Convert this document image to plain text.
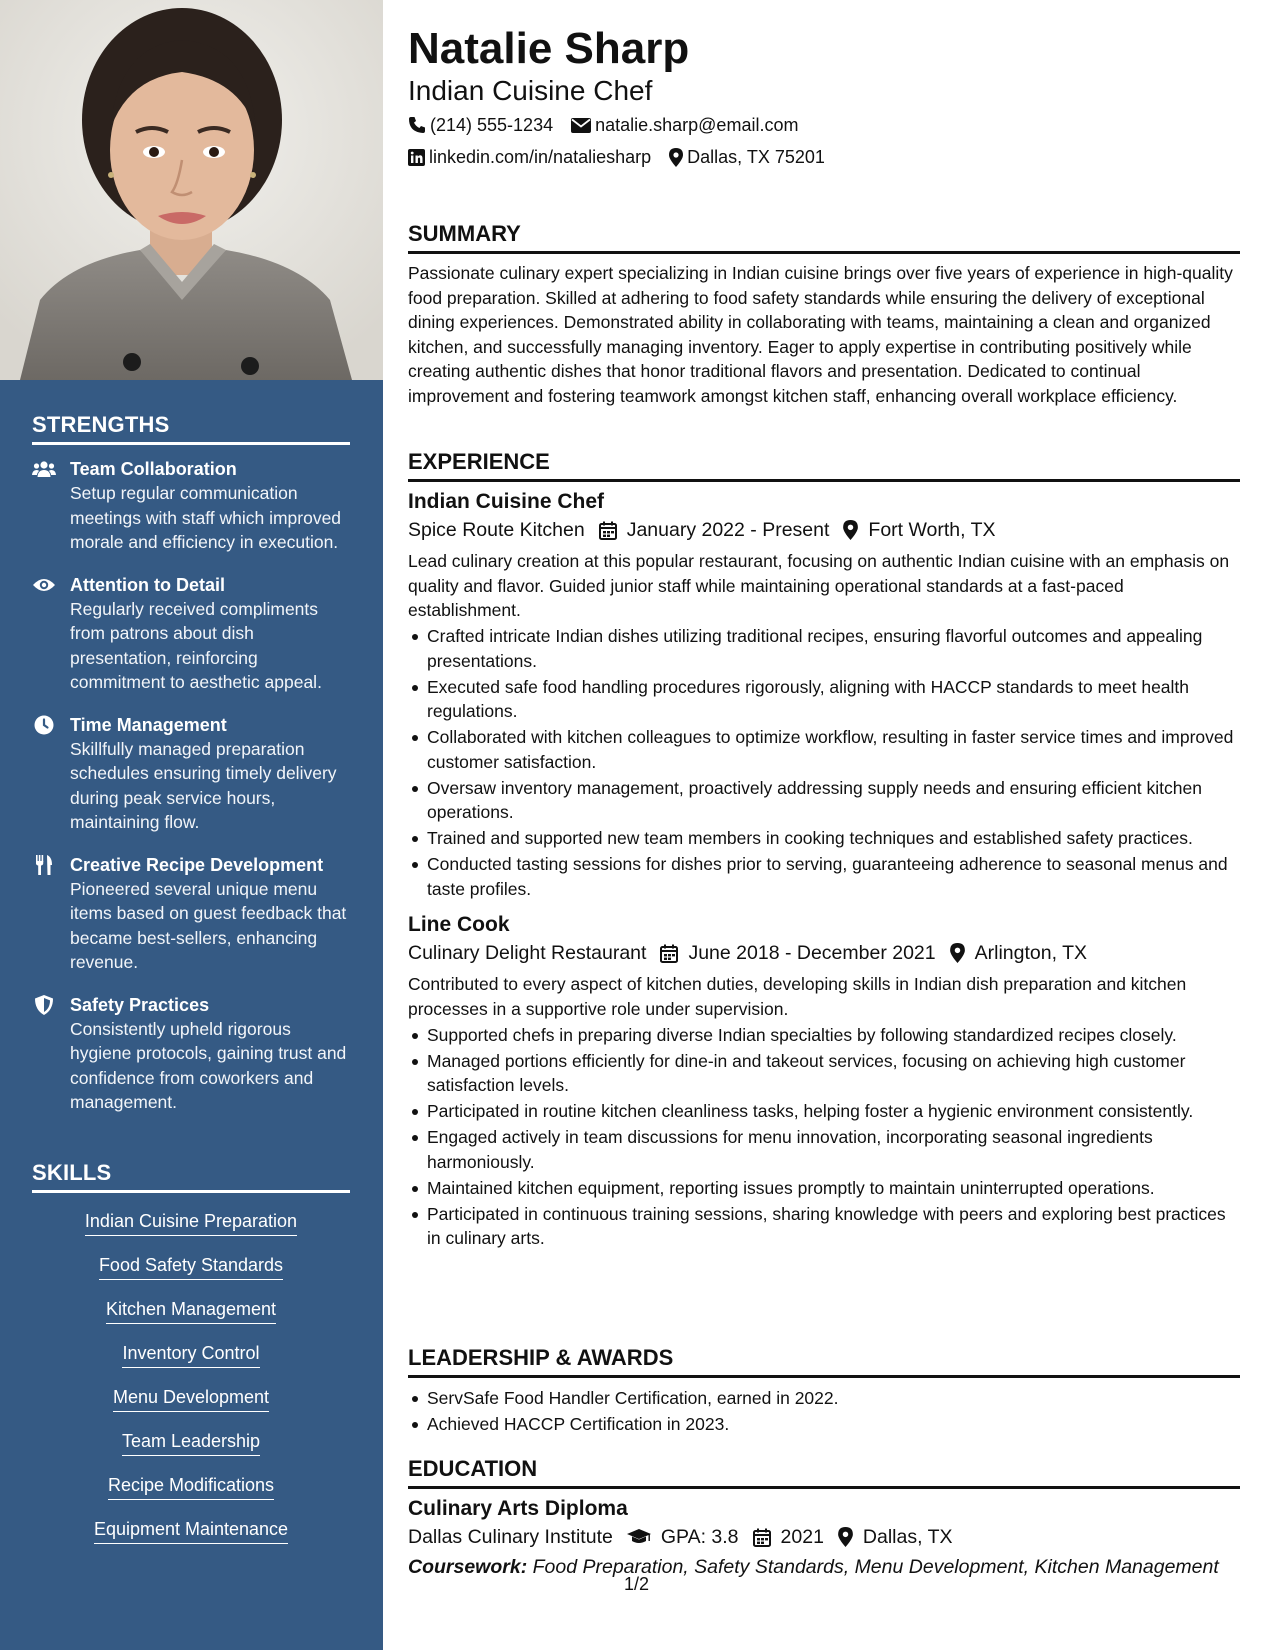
STRENGTHS
Team Collaboration
Setup regular communication meetings with staff which improved morale and efficiency in execution.
Attention to Detail
Regularly received compliments from patrons about dish presentation, reinforcing commitment to aesthetic appeal.
Time Management
Skillfully managed preparation schedules ensuring timely delivery during peak service hours, maintaining flow.
Creative Recipe Development
Pioneered several unique menu items based on guest feedback that became best-sellers, enhancing revenue.
Safety Practices
Consistently upheld rigorous hygiene protocols, gaining trust and confidence from coworkers and management.
SKILLS
Indian Cuisine Preparation
Food Safety Standards
Kitchen Management
Inventory Control
Menu Development
Team Leadership
Recipe Modifications
Equipment Maintenance
Natalie Sharp
Indian Cuisine Chef
(214) 555-1234 natalie.sharp@email.com
linkedin.com/in/nataliesharp Dallas, TX 75201
SUMMARY
Passionate culinary expert specializing in Indian cuisine brings over five years of experience in high-quality food preparation. Skilled at adhering to food safety standards while ensuring the delivery of exceptional dining experiences. Demonstrated ability in collaborating with teams, maintaining a clean and organized kitchen, and successfully managing inventory. Eager to apply expertise in contributing positively while creating authentic dishes that honor traditional flavors and presentation. Dedicated to continual improvement and fostering teamwork amongst kitchen staff, enhancing overall workplace efficiency.
EXPERIENCE
Indian Cuisine Chef
Spice Route Kitchen January 2022 - Present Fort Worth, TX
Lead culinary creation at this popular restaurant, focusing on authentic Indian cuisine with an emphasis on quality and flavor. Guided junior staff while maintaining operational standards at a fast-paced establishment.
Crafted intricate Indian dishes utilizing traditional recipes, ensuring flavorful outcomes and appealing presentations.
Executed safe food handling procedures rigorously, aligning with HACCP standards to meet health regulations.
Collaborated with kitchen colleagues to optimize workflow, resulting in faster service times and improved customer satisfaction.
Oversaw inventory management, proactively addressing supply needs and ensuring efficient kitchen operations.
Trained and supported new team members in cooking techniques and established safety practices.
Conducted tasting sessions for dishes prior to serving, guaranteeing adherence to seasonal menus and taste profiles.
Line Cook
Culinary Delight Restaurant June 2018 - December 2021 Arlington, TX
Contributed to every aspect of kitchen duties, developing skills in Indian dish preparation and kitchen processes in a supportive role under supervision.
Supported chefs in preparing diverse Indian specialties by following standardized recipes closely.
Managed portions efficiently for dine-in and takeout services, focusing on achieving high customer satisfaction levels.
Participated in routine kitchen cleanliness tasks, helping foster a hygienic environment consistently.
Engaged actively in team discussions for menu innovation, incorporating seasonal ingredients harmoniously.
Maintained kitchen equipment, reporting issues promptly to maintain uninterrupted operations.
Participated in continuous training sessions, sharing knowledge with peers and exploring best practices in culinary arts.
LEADERSHIP & AWARDS
ServSafe Food Handler Certification, earned in 2022.
Achieved HACCP Certification in 2023.
EDUCATION
Culinary Arts Diploma
Dallas Culinary Institute GPA: 3.8 2021 Dallas, TX
Coursework: Food Preparation, Safety Standards, Menu Development, Kitchen Management
1/2
